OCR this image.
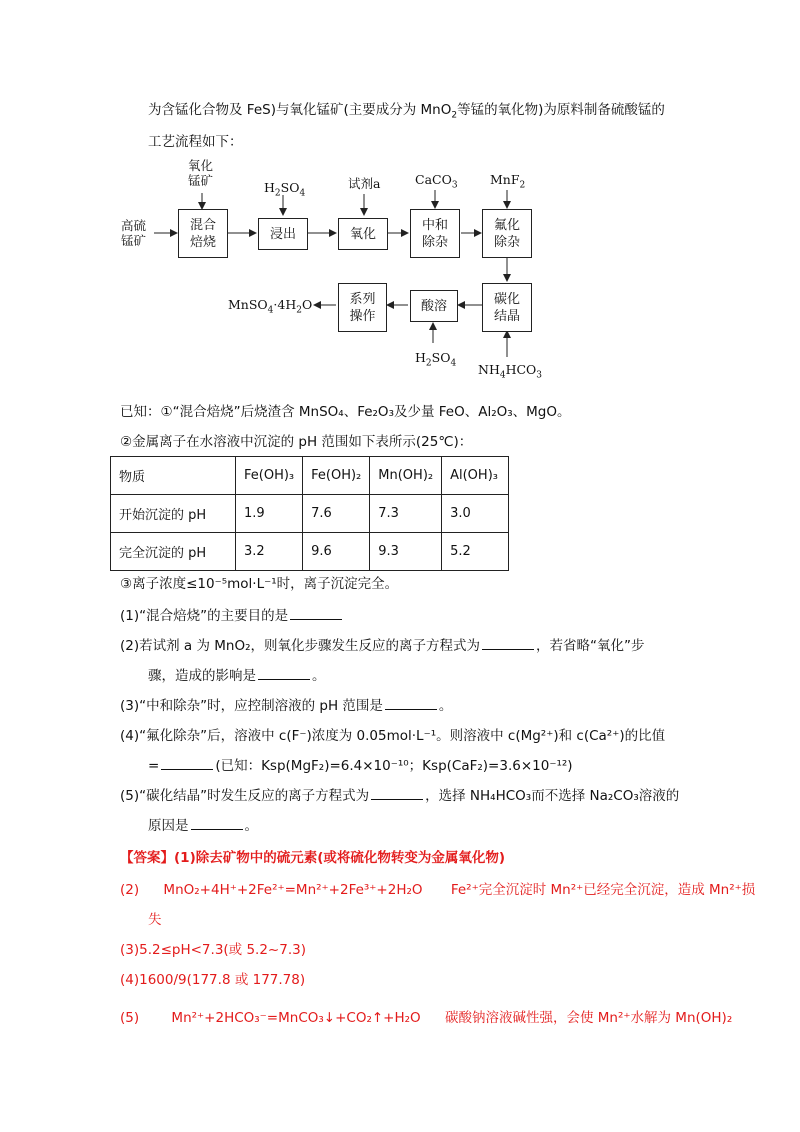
为含锰化合物及 FeS)与氧化锰矿(主要成分为 MnO$_2$等锰的氧化物)为原料制备硫酸锰的
工艺流程如下：
高硫
锰矿
氧化
锰矿
混合
焙烧
浸出	氧化
中和
除杂
氟化
除杂
碳化
结晶
酸溶
系列
操作
$H_2SO_4$
试剂a	CaCO$_3$	MnF$_2$
$H_2SO_4$ $NH_4HCO_3$
$MnSO_4\cdot 4H_2O$
已知：①“混合焙烧”后烧渣含 MnSO₄、Fe₂O₃及少量 FeO、Al₂O₃、MgO。
②金属离子在水溶液中沉淀的 pH 范围如下表所示(25℃)：
物质	Fe(OH)₃	Fe(OH)₂	Mn(OH)₂	Al(OH)₃
开始沉淀的 pH	1.9	7.6	7.3	3.0
完全沉淀的 pH	3.2	9.6	9.3	5.2
③离子浓度≤10⁻⁵mol·L⁻¹时，离子沉淀完全。
(1)“混合焙烧”的主要目的是
(2)若试剂 a 为 MnO₂，则氧化步骤发生反应的离子方程式为	，若省略“氧化”步
骤，造成的影响是	。
(3)“中和除杂”时，应控制溶液的 pH 范围是	。
(4)“氟化除杂”后，溶液中 c(F⁻)浓度为 0.05mol·L⁻¹。则溶液中 c(Mg²⁺)和 c(Ca²⁺)的比值
=	(已知：Ksp(MgF₂)=6.4×10⁻¹⁰；Ksp(CaF₂)=3.6×10⁻¹²)
(5)“碳化结晶”时发生反应的离子方程式为	，选择 NH₄HCO₃而不选择 Na₂CO₃溶液的
原因是	。
【答案】(1)除去矿物中的硫元素(或将硫化物转变为金属氧化物)
(2) MnO₂+4H⁺+2Fe²⁺=Mn²⁺+2Fe³⁺+2H₂O Fe²⁺完全沉淀时 Mn²⁺已经完全沉淀，造成 Mn²⁺损
失
(3)5.2≤pH<7.3(或 5.2~7.3)
(4)1600/9(177.8 或 177.78)
(5) Mn²⁺+2HCO₃⁻=MnCO₃↓+CO₂↑+H₂O 碳酸钠溶液碱性强，会使 Mn²⁺水解为 Mn(OH)₂
